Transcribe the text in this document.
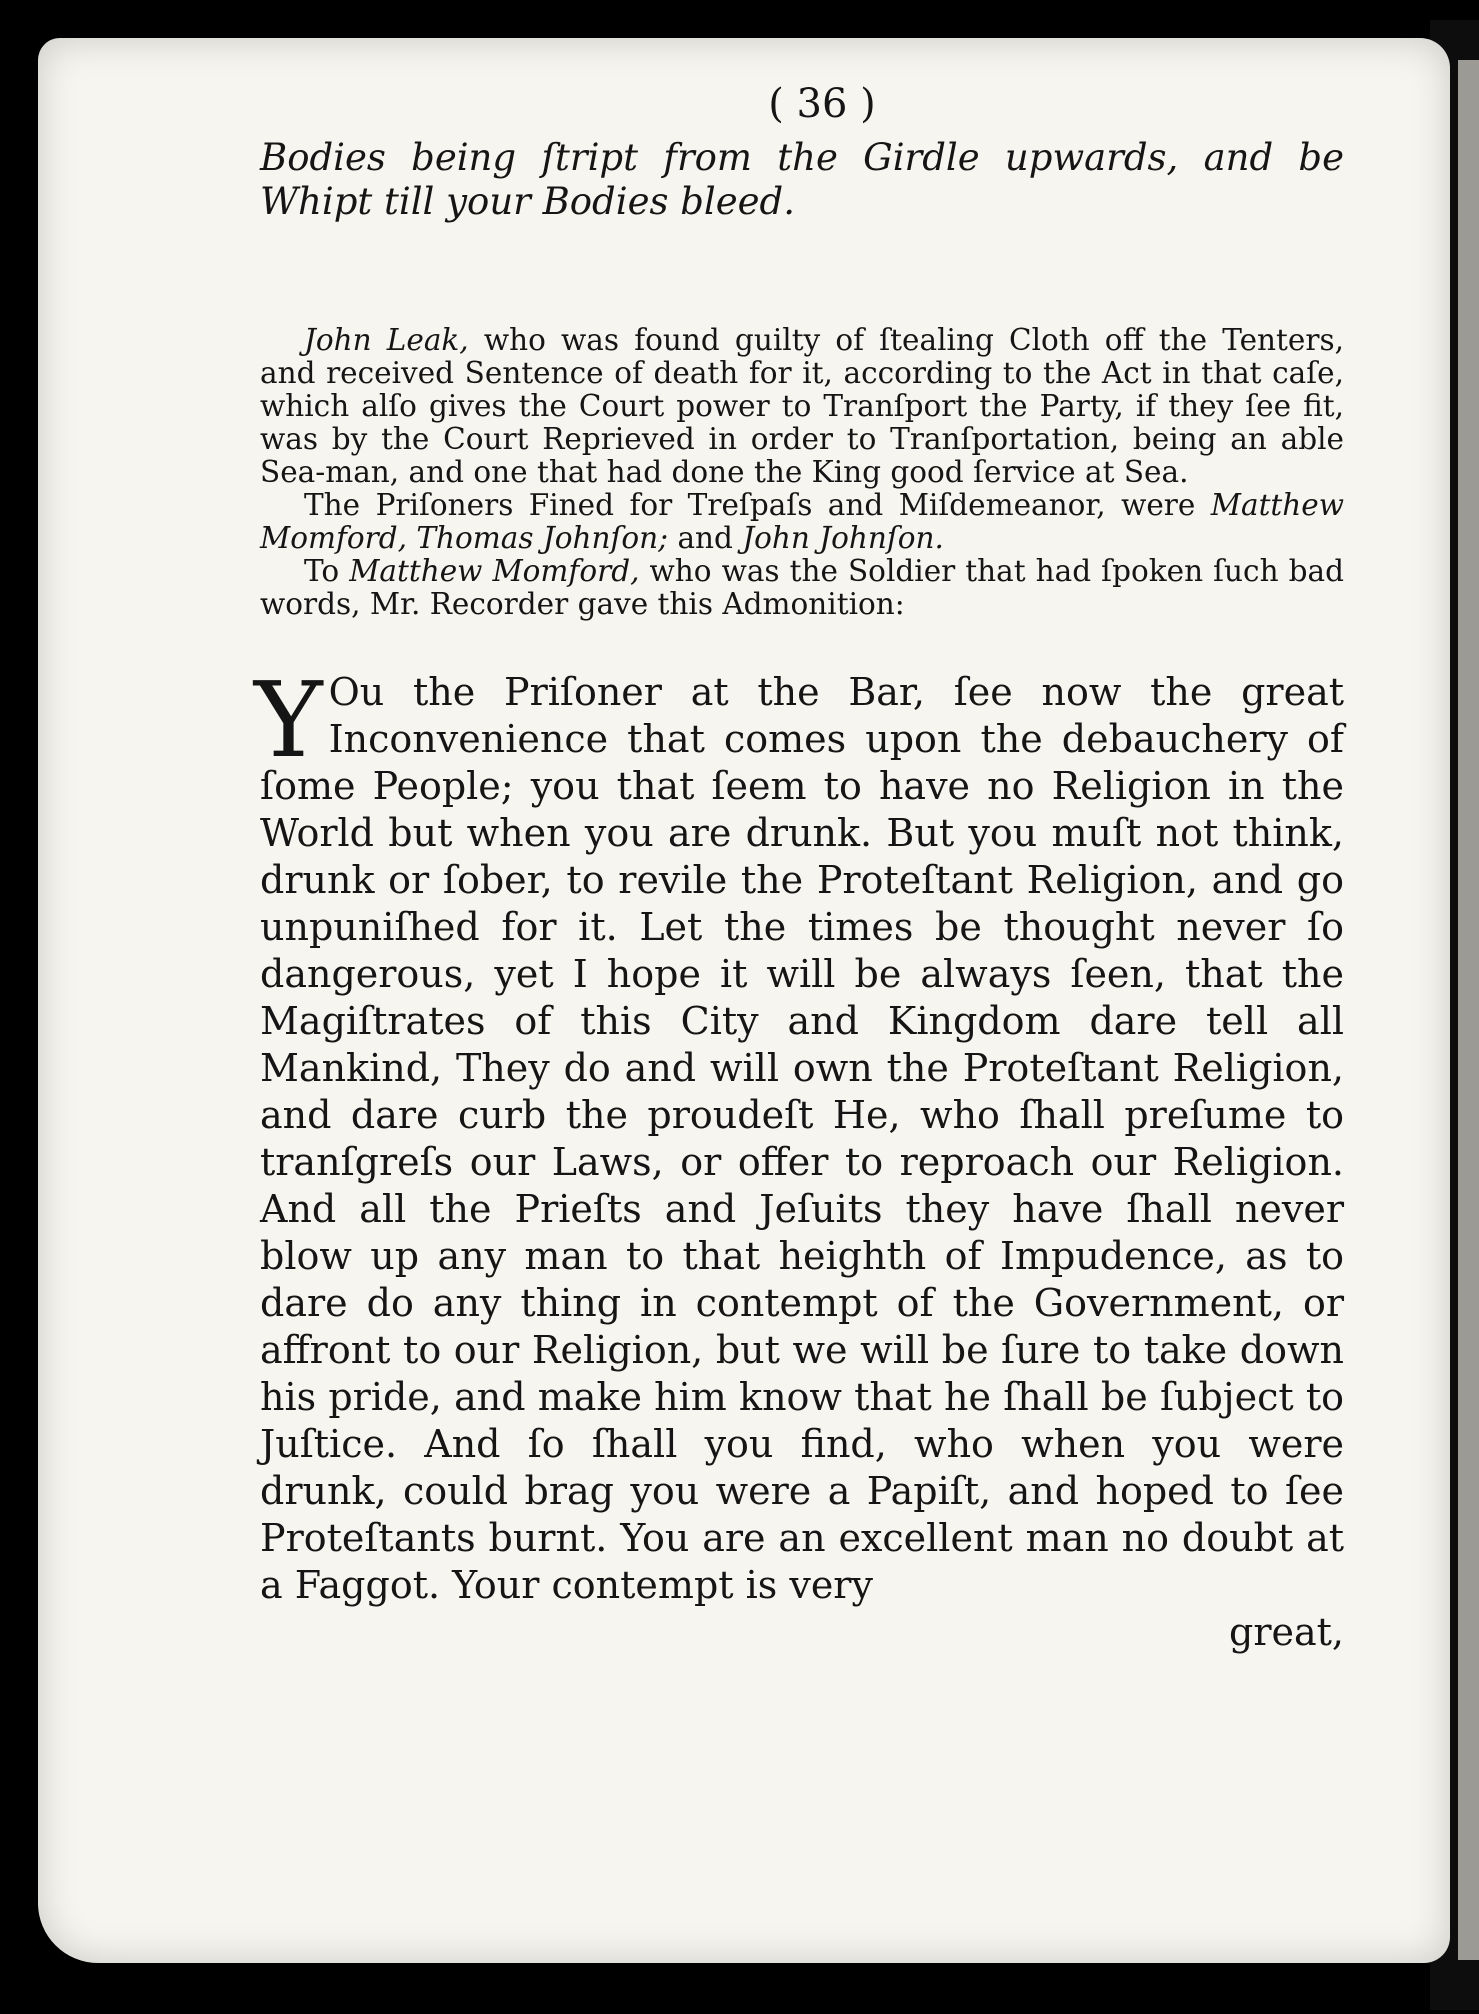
( 36 )

Bodies being ſtript from the Girdle upwards, and be Whipt till your Bodies bleed.

John Leak, who was found guilty of ſtealing Cloth off the Tenters, and received Sentence of death for it, according to the Act in that caſe, which alſo gives the Court power to Tranſport the Party, if they ſee fit, was by the Court Reprieved in order to Tranſportation, being an able Sea-man, and one that had done the King good ſervice at Sea.

The Priſoners Fined for Treſpaſs and Miſdemeanor, were Matthew Momford, Thomas Johnſon; and John Johnſon.

To Matthew Momford, who was the Soldier that had ſpoken ſuch bad words, Mr. Recorder gave this Admonition:

Y Ou the Priſoner at the Bar, ſee now the great Inconvenience that comes upon the debauchery of ſome People; you that ſeem to have no Religion in the World but when you are drunk. But you muſt not think, drunk or ſober, to revile the Proteſtant Religion, and go unpuniſhed for it. Let the times be thought never ſo dangerous, yet I hope it will be always ſeen, that the Magiſtrates of this City and Kingdom dare tell all Mankind, They do and will own the Proteſtant Religion, and dare curb the proudeſt He, who ſhall preſume to tranſgreſs our Laws, or offer to reproach our Religion. And all the Prieſts and Jeſuits they have ſhall never blow up any man to that heighth of Impudence, as to dare do any thing in contempt of the Government, or affront to our Religion, but we will be ſure to take down his pride, and make him know that he ſhall be ſubject to Juſtice. And ſo ſhall you find, who when you were drunk, could brag you were a Papiſt, and hoped to ſee Proteſtants burnt. You are an excellent man no doubt at a Faggot. Your contempt is very

great,
